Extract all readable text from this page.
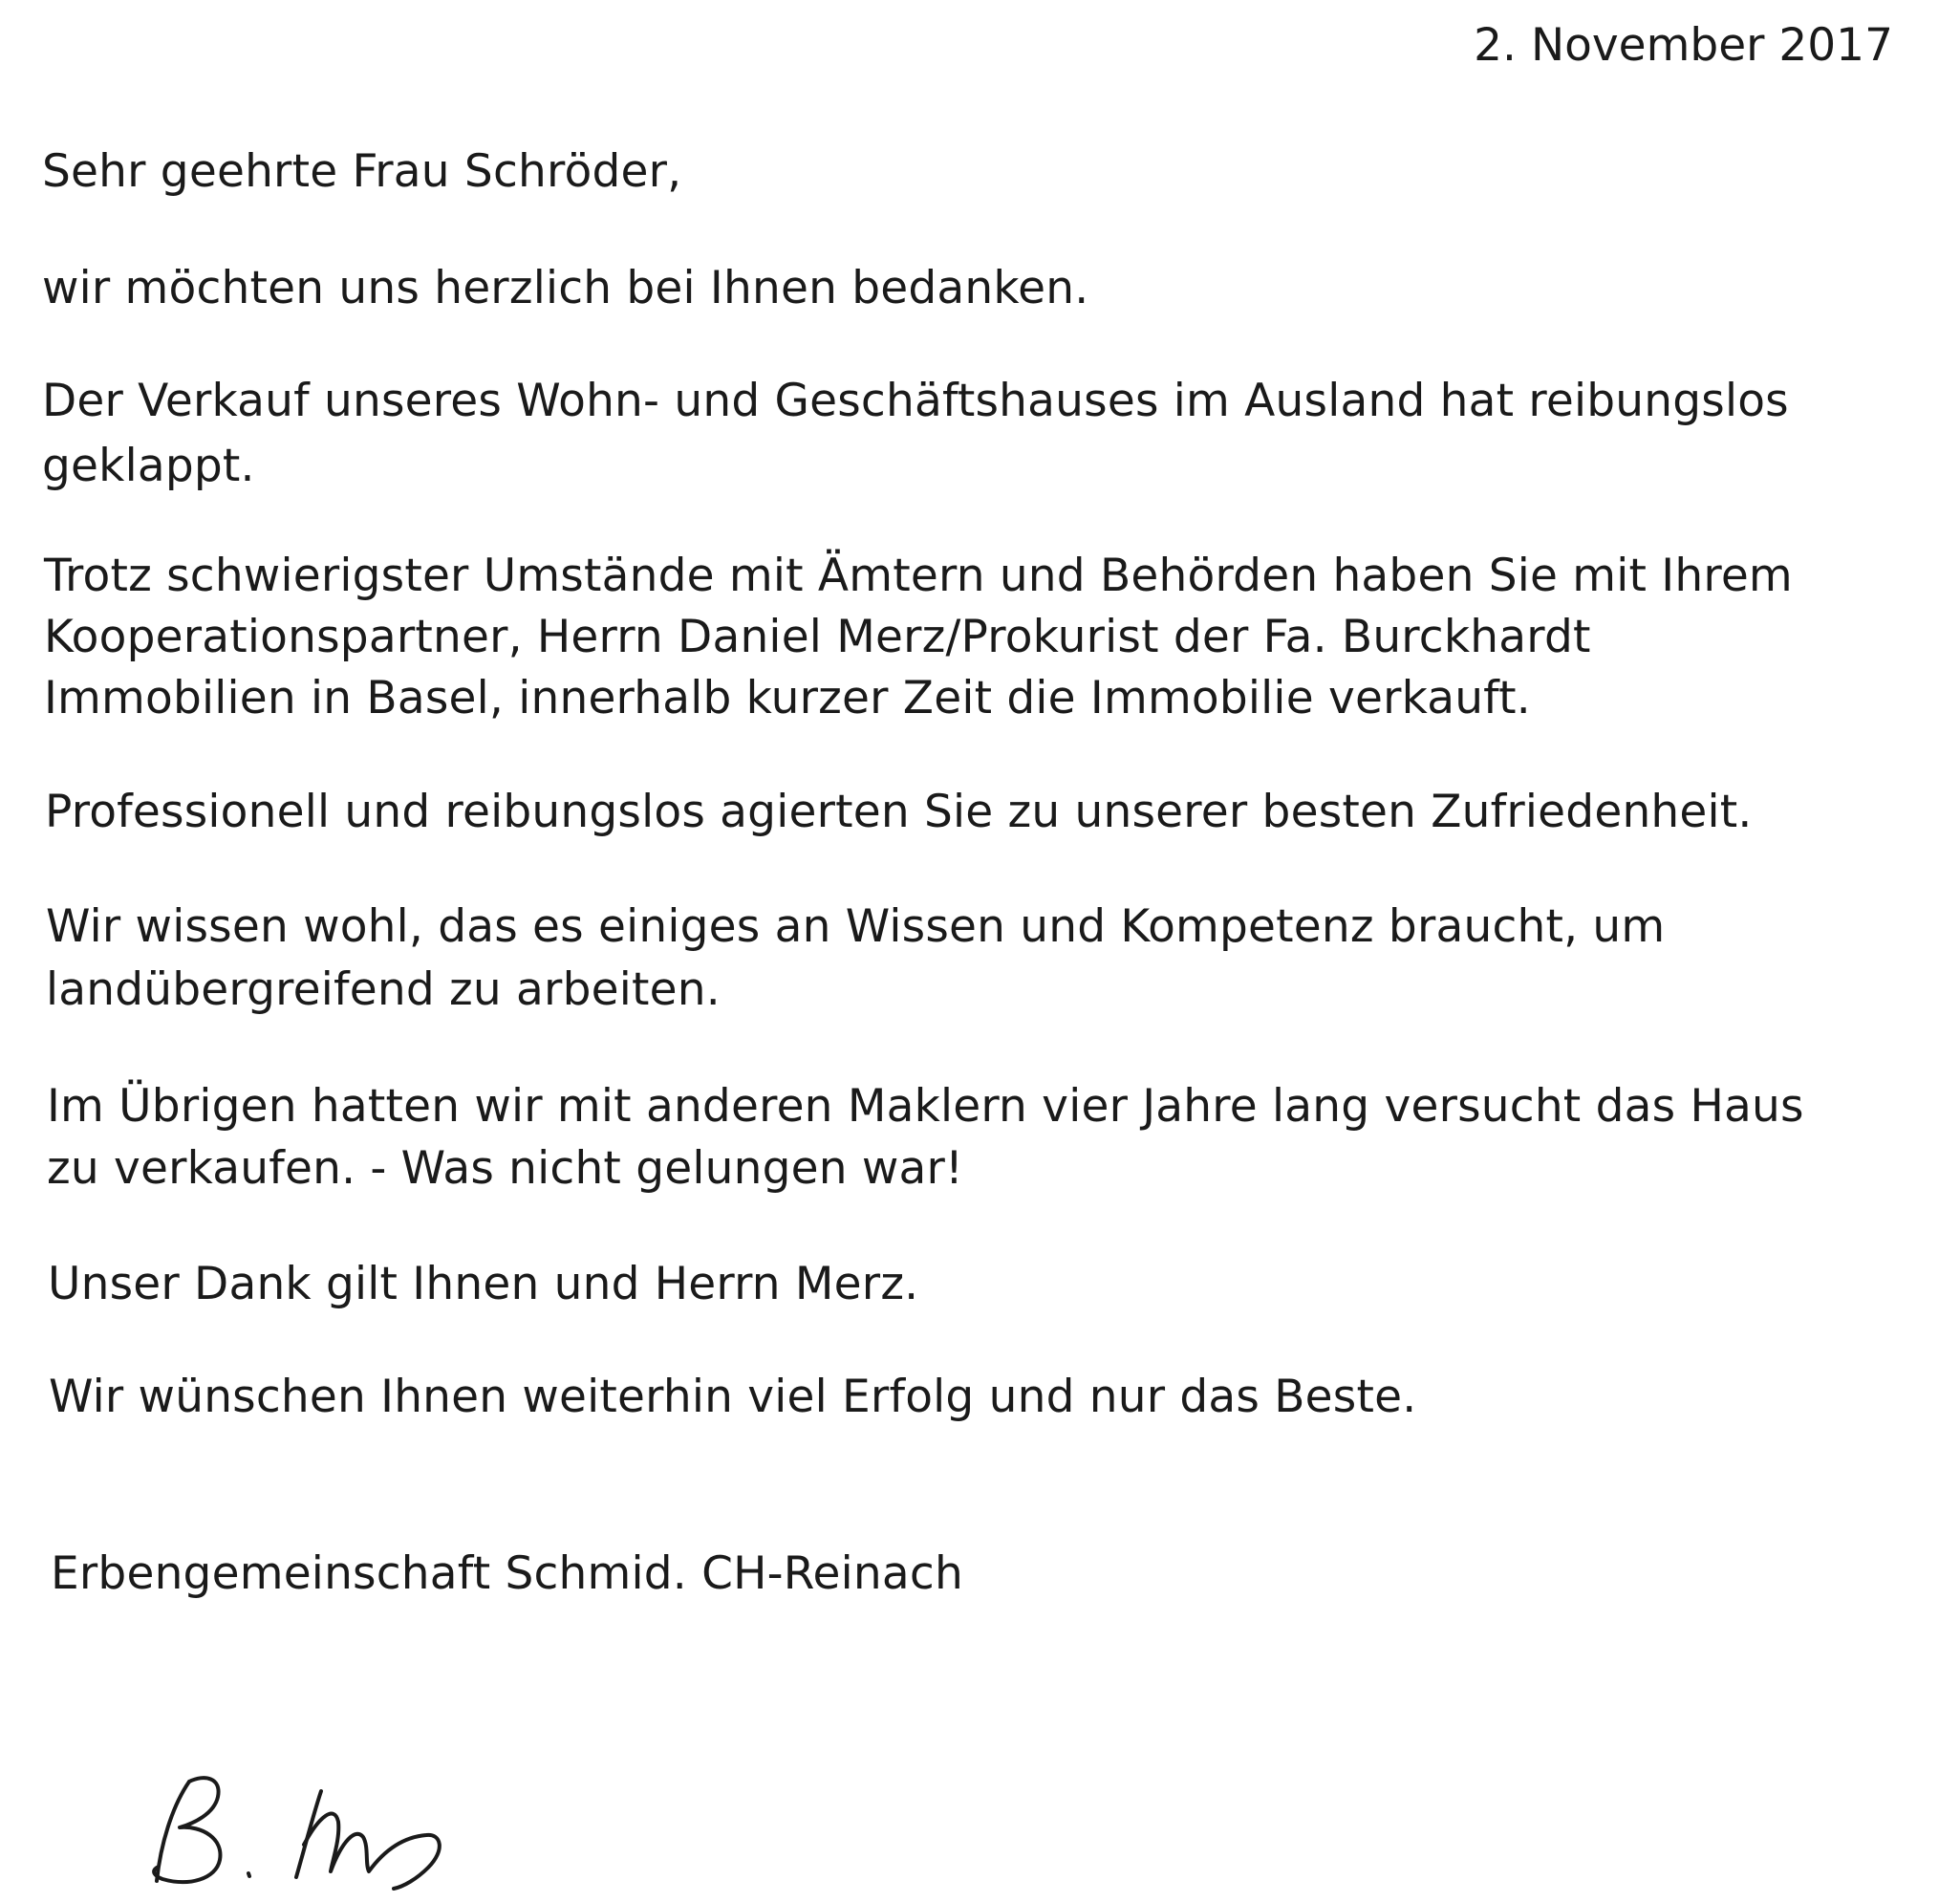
2. November 2017
Sehr geehrte Frau Schröder,
wir möchten uns herzlich bei Ihnen bedanken.
Der Verkauf unseres Wohn- und Geschäftshauses im Ausland hat reibungslos
geklappt.
Trotz schwierigster Umstände mit Ämtern und Behörden haben Sie mit Ihrem
Kooperationspartner, Herrn Daniel Merz/Prokurist der Fa. Burckhardt
Immobilien in Basel, innerhalb kurzer Zeit die Immobilie verkauft.
Professionell und reibungslos agierten Sie zu unserer besten Zufriedenheit.
Wir wissen wohl, das es einiges an Wissen und Kompetenz braucht, um
landübergreifend zu arbeiten.
Im Übrigen hatten wir mit anderen Maklern vier Jahre lang versucht das Haus
zu verkaufen. - Was nicht gelungen war!
Unser Dank gilt Ihnen und Herrn Merz.
Wir wünschen Ihnen weiterhin viel Erfolg und nur das Beste.
Erbengemeinschaft Schmid. CH-Reinach
